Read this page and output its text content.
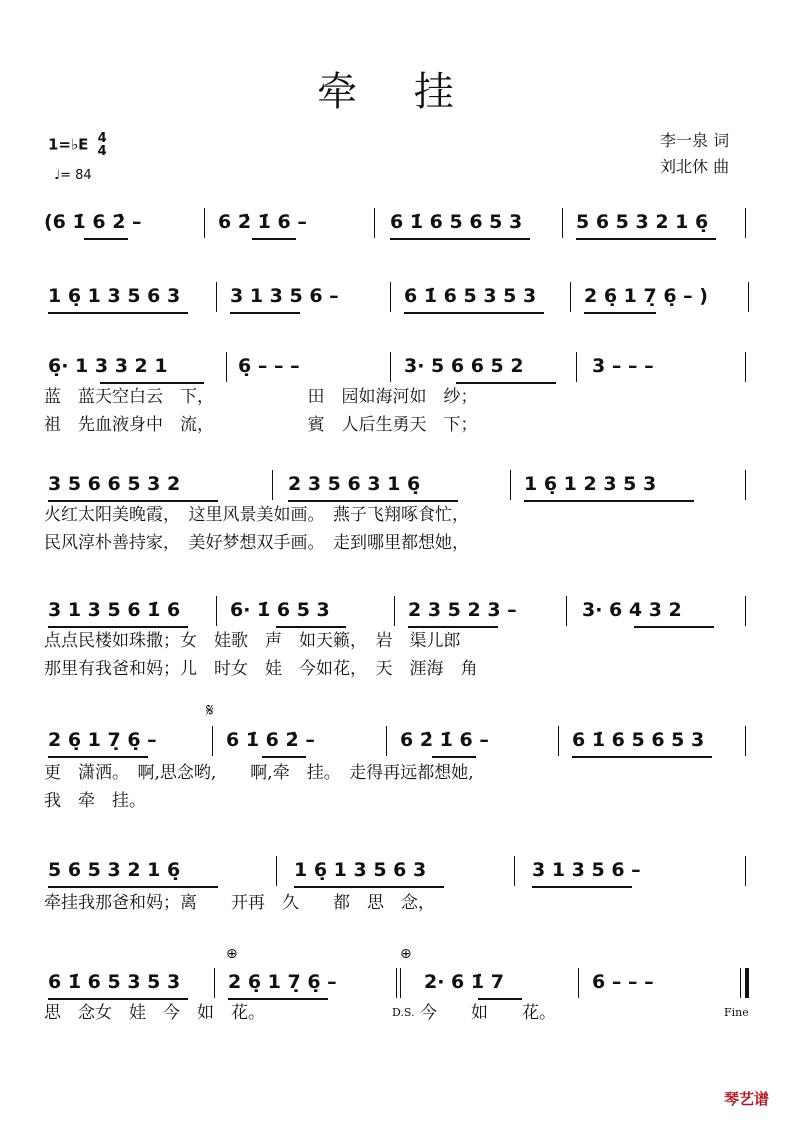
牵 挂
1=♭E 4
4
♩= 84
李一泉 词
刘北休 曲
(6 1̇ 6 2̇ –	6 2̇ 1̇ 6 –	6 1̇ 6 5 6 5 3	5 6 5 3 2 1 6̣
1 6̣ 1 3 5 6 3	3 1 3 5 6 –	6 1̇ 6 5 3 5 3	2 6̣ 1 7̣ 6̣ – )
6̣· 1 3 3 2 1	6̣ – – –	3· 5 6 6 5 2	3 – – –
蓝　蓝天空白云　下，　　　　　　田　园如海河如　纱；
祖　先血液身中　流，　　　　　　賓　人后生勇天　下；
3 5 6 6 5 3 2	2 3 5 6 3 1 6̣	1 6̣ 1 2 3 5 3
火红太阳美晚霞，　这里风景美如画。　燕子飞翔啄食忙，
民风淳朴善持家，　美好梦想双手画。　走到哪里都想她，
3 1 3 5 6 1̇ 6	6· 1̇ 6 5 3	2 3 5 2 3 –	3· 6 4 3 2
点点民楼如珠撒；女　娃歌　声　如天籁，　岩　渠儿郎
那里有我爸和妈；儿　时女　娃　今如花，　天　涯海　角
𝄋
2 6̣ 1 7̣ 6̣ –	6 1̇ 6 2̇ –	6 2̇ 1̇ 6 –	6 1̇ 6 5 6 5 3
更　潇洒。　啊,思念哟,　　啊,牵　挂。　走得再远都想她,
我　牵　挂。
5 6 5 3 2 1 6̣	1 6̣ 1 3 5 6 3	3 1 3 5 6 –
牵挂我那爸和妈；离　　开再　久　　都　思　念，
⊕	⊕
6 1̇ 6 5 3 5 3	2 6̣ 1 7̣ 6̣ –	2· 6 1̇ 7	6 – – –
思　念女　娃　今　如　花。	D.S. 今　　如　　花。	Fine
琴艺谱
